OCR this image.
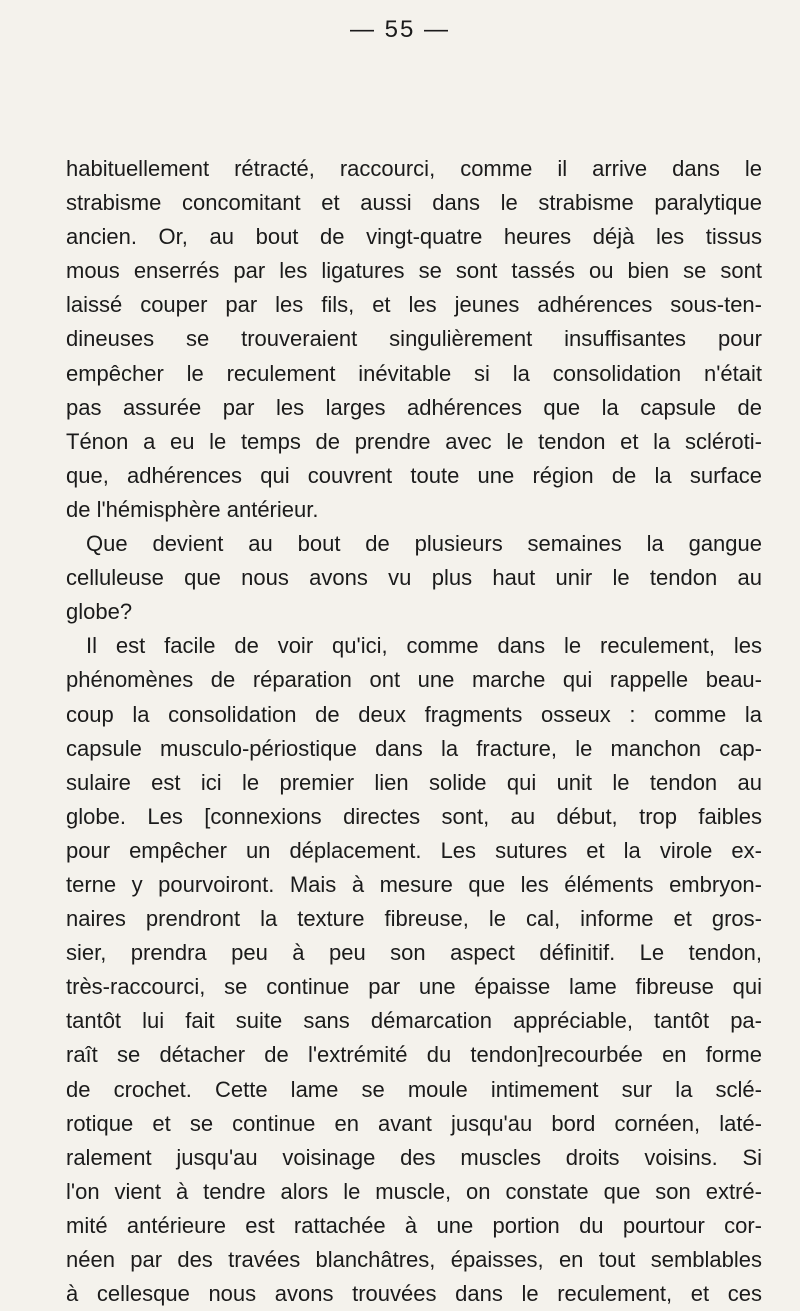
— 55 —
habituellement rétracté, raccourci, comme il arrive dans le
strabisme concomitant et aussi dans le strabisme paralytique
ancien. Or, au bout de vingt-quatre heures déjà les tissus
mous enserrés par les ligatures se sont tassés ou bien se sont
laissé couper par les fils, et les jeunes adhérences sous-ten-
dineuses se trouveraient singulièrement insuffisantes pour
empêcher le reculement inévitable si la consolidation n'était
pas assurée par les larges adhérences que la capsule de
Ténon a eu le temps de prendre avec le tendon et la scléroti-
que, adhérences qui couvrent toute une région de la surface
de l'hémisphère antérieur.
Que devient au bout de plusieurs semaines la gangue
celluleuse que nous avons vu plus haut unir le tendon au
globe?
Il est facile de voir qu'ici, comme dans le reculement, les
phénomènes de réparation ont une marche qui rappelle beau-
coup la consolidation de deux fragments osseux : comme la
capsule musculo-périostique dans la fracture, le manchon cap-
sulaire est ici le premier lien solide qui unit le tendon au
globe. Les [connexions directes sont, au début, trop faibles
pour empêcher un déplacement. Les sutures et la virole ex-
terne y pourvoiront. Mais à mesure que les éléments embryon-
naires prendront la texture fibreuse, le cal, informe et gros-
sier, prendra peu à peu son aspect définitif. Le tendon,
très-raccourci, se continue par une épaisse lame fibreuse qui
tantôt lui fait suite sans démarcation appréciable, tantôt pa-
raît se détacher de l'extrémité du tendon]recourbée en forme
de crochet. Cette lame se moule intimement sur la sclé-
rotique et se continue en avant jusqu'au bord cornéen, laté-
ralement jusqu'au voisinage des muscles droits voisins. Si
l'on vient à tendre alors le muscle, on constate que son extré-
mité antérieure est rattachée à une portion du pourtour cor-
néen par des travées blanchâtres, épaisses, en tout semblables
à cellesque nous avons trouvées dans le reculement, et ces
